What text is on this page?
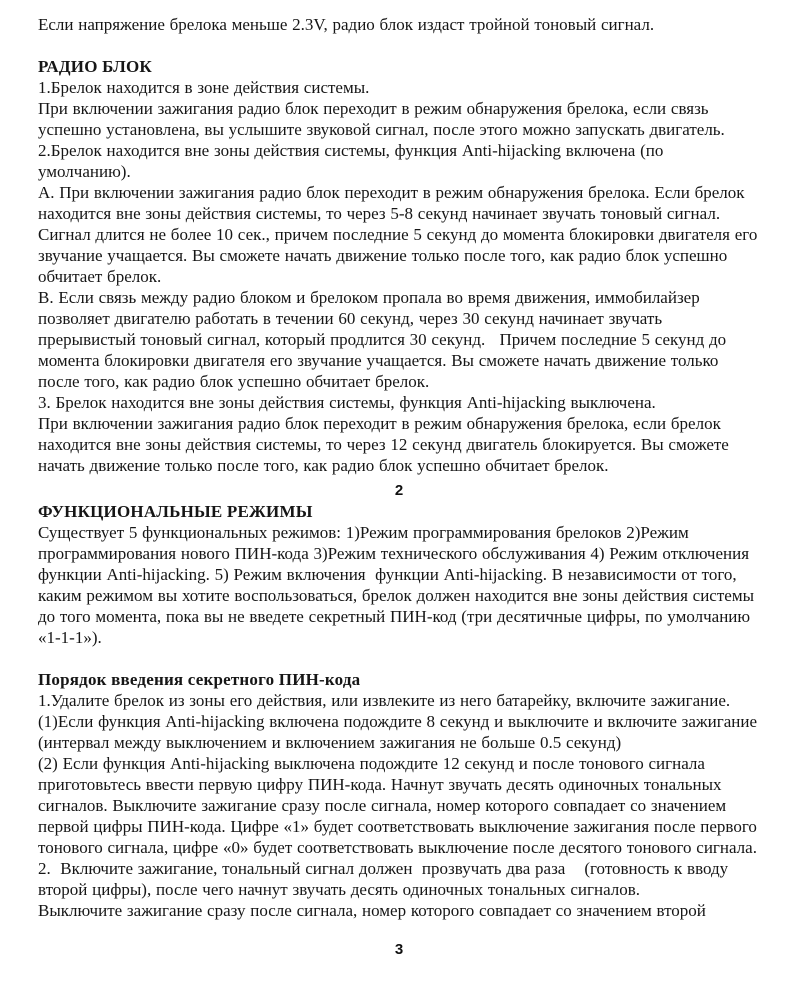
Если напряжение брелока меньше 2.3V, радио блок издаст тройной тоновый сигнал.

РАДИО БЛОК

1.Брелок находится в зоне действия системы.

При включении зажигания радио блок переходит в режим обнаружения брелока, если связь успешно установлена, вы услышите звуковой сигнал, после этого можно запускать двигатель.

2.Брелок находится вне зоны действия системы, функция Anti-hijacking включена (по умолчанию).

А. При включении зажигания радио блок переходит в режим обнаружения брелока. Если брелок находится вне зоны действия системы, то через 5-8 секунд начинает звучать тоновый сигнал. Сигнал длится не более 10 сек., причем последние 5 секунд до момента блокировки двигателя его звучание учащается. Вы сможете начать движение только после того, как радио блок успешно обчитает брелок.

В. Если связь между радио блоком и брелоком пропала во время движения, иммобилайзер позволяет двигателю работать в течении 60 секунд, через 30 секунд начинает звучать прерывистый тоновый сигнал, который продлится 30 секунд.   Причем последние 5 секунд до момента блокировки двигателя его звучание учащается. Вы сможете начать движение только после того, как радио блок успешно обчитает брелок.

3. Брелок находится вне зоны действия системы, функция Anti-hijacking выключена.

При включении зажигания радио блок переходит в режим обнаружения брелока, если брелок находится вне зоны действия системы, то через 12 секунд двигатель блокируется. Вы сможете начать движение только после того, как радио блок успешно обчитает брелок.

2

ФУНКЦИОНАЛЬНЫЕ РЕЖИМЫ

Существует 5 функциональных режимов: 1)Режим программирования брелоков 2)Режим программирования нового ПИН-кода 3)Режим технического обслуживания 4) Режим отключения функции Anti-hijacking. 5) Режим включения  функции Anti-hijacking. В независимости от того, каким режимом вы хотите воспользоваться, брелок должен находится вне зоны действия системы до того момента, пока вы не введете секретный ПИН-код (три десятичные цифры, по умолчанию «1-1-1»).

Порядок введения секретного ПИН-кода

1.Удалите брелок из зоны его действия, или извлеките из него батарейку, включите зажигание.

(1)Если функция Anti-hijacking включена подождите 8 секунд и выключите и включите зажигание (интервал между выключением и включением зажигания не больше 0.5 секунд)

(2) Если функция Anti-hijacking выключена подождите 12 секунд и после тонового сигнала приготовьтесь ввести первую цифру ПИН-кода. Начнут звучать десять одиночных тональных сигналов. Выключите зажигание сразу после сигнала, номер которого совпадает со значением первой цифры ПИН-кода. Цифре «1» будет соответствовать выключение зажигания после первого тонового сигнала, цифре «0» будет соответствовать выключение после десятого тонового сигнала.

2.  Включите зажигание, тональный сигнал должен  прозвучать два раза    (готовность к вводу второй цифры), после чего начнут звучать десять одиночных тональных сигналов.

Выключите зажигание сразу после сигнала, номер которого совпадает со значением второй

3
